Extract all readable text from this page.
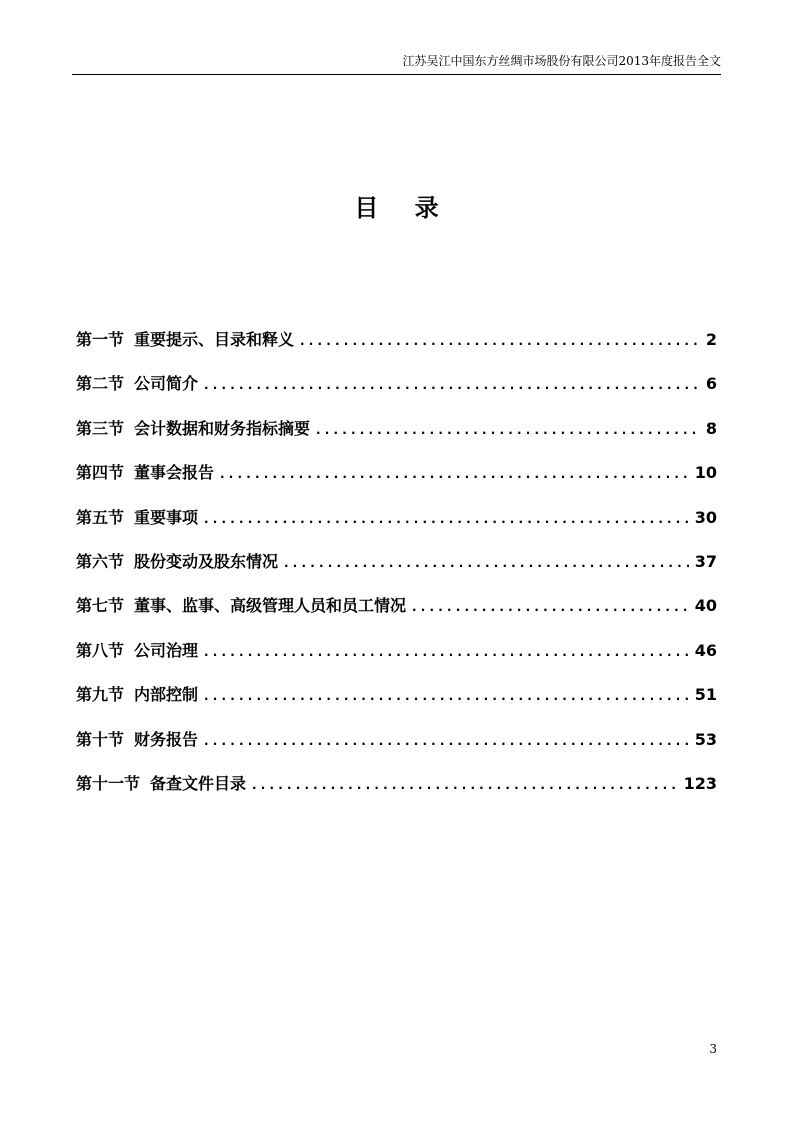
江苏吴江中国东方丝绸市场股份有限公司2013年度报告全文
目 录
第一节 重要提示、目录和释义 . . .	2
第二节 公司简介 . . .	6
第三节 会计数据和财务指标摘要 . . .	8
第四节 董事会报告 . . .	10
第五节 重要事项 . . .	30
第六节 股份变动及股东情况 . . .	37
第七节 董事、监事、高级管理人员和员工情况 . . .	40
第八节 公司治理 . . .	46
第九节 内部控制 . . .	51
第十节 财务报告 . . .	53
第十一节 备查文件目录 . . .	123
3
